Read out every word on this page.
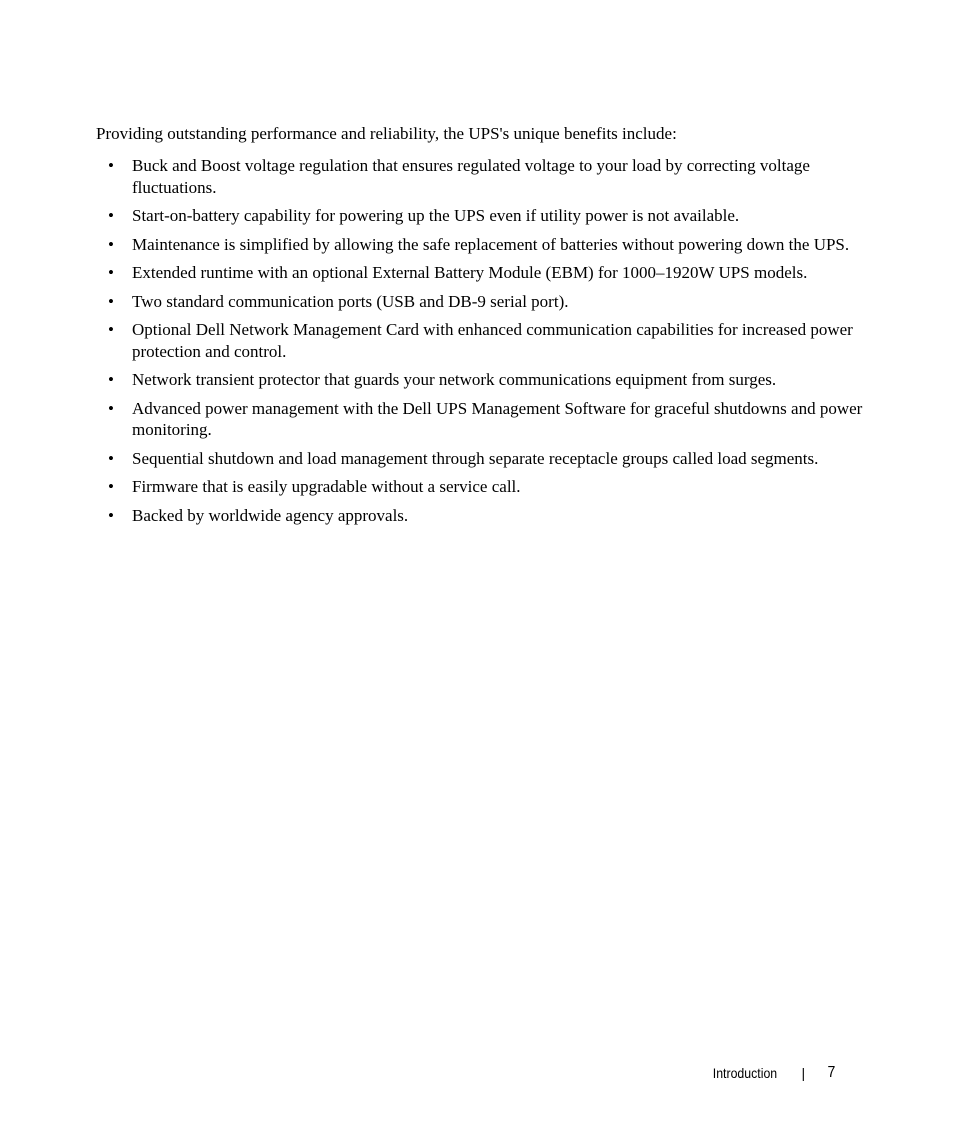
Providing outstanding performance and reliability, the UPS's unique benefits include:

• Buck and Boost voltage regulation that ensures regulated voltage to your load by correcting voltage fluctuations.
• Start-on-battery capability for powering up the UPS even if utility power is not available.
• Maintenance is simplified by allowing the safe replacement of batteries without powering down the UPS.
• Extended runtime with an optional External Battery Module (EBM) for 1000–1920W UPS models.
• Two standard communication ports (USB and DB-9 serial port).
• Optional Dell Network Management Card with enhanced communication capabilities for increased power protection and control.
• Network transient protector that guards your network communications equipment from surges.
• Advanced power management with the Dell UPS Management Software for graceful shutdowns and power monitoring.
• Sequential shutdown and load management through separate receptacle groups called load segments.
• Firmware that is easily upgradable without a service call.
• Backed by worldwide agency approvals.
Introduction | 7
